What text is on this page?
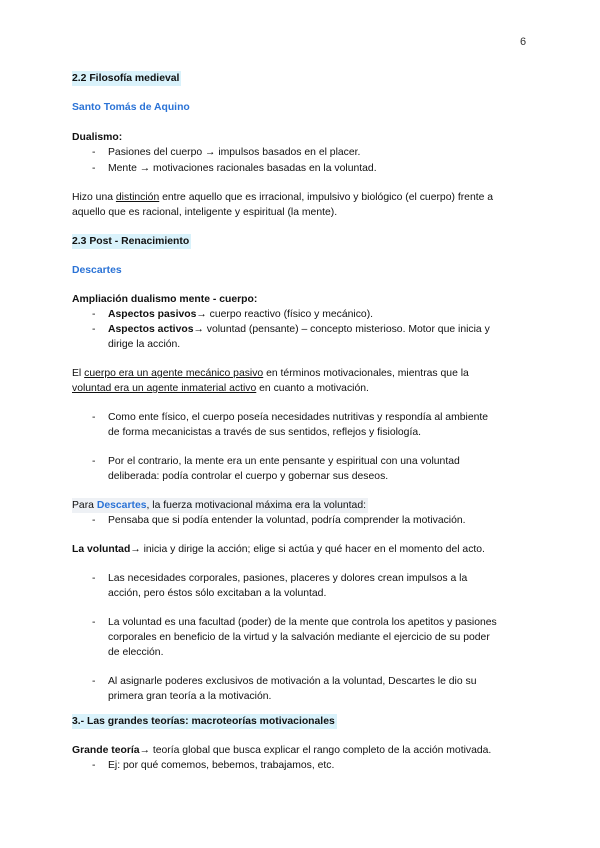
6
2.2 Filosofía medieval
Santo Tomás de Aquino
Dualismo:
- Pasiones del cuerpo → impulsos basados en el placer.
- Mente → motivaciones racionales basadas en la voluntad.
Hizo una distinción entre aquello que es irracional, impulsivo y biológico (el cuerpo) frente a
aquello que es racional, inteligente y espiritual (la mente).
2.3 Post - Renacimiento
Descartes
Ampliación dualismo mente - cuerpo:
- Aspectos pasivos→ cuerpo reactivo (físico y mecánico).
- Aspectos activos→ voluntad (pensante) – concepto misterioso. Motor que inicia y
dirige la acción.
El cuerpo era un agente mecánico pasivo en términos motivacionales, mientras que la
voluntad era un agente inmaterial activo en cuanto a motivación.
- Como ente físico, el cuerpo poseía necesidades nutritivas y respondía al ambiente
de forma mecanicistas a través de sus sentidos, reflejos y fisiología.
- Por el contrario, la mente era un ente pensante y espiritual con una voluntad
deliberada: podía controlar el cuerpo y gobernar sus deseos.
Para Descartes, la fuerza motivacional máxima era la voluntad:
- Pensaba que si podía entender la voluntad, podría comprender la motivación.
La voluntad→ inicia y dirige la acción; elige si actúa y qué hacer en el momento del acto.
- Las necesidades corporales, pasiones, placeres y dolores crean impulsos a la
acción, pero éstos sólo excitaban a la voluntad.
- La voluntad es una facultad (poder) de la mente que controla los apetitos y pasiones
corporales en beneficio de la virtud y la salvación mediante el ejercicio de su poder
de elección.
- Al asignarle poderes exclusivos de motivación a la voluntad, Descartes le dio su
primera gran teoría a la motivación.
3.- Las grandes teorías: macroteorías motivacionales
Grande teoría→ teoría global que busca explicar el rango completo de la acción motivada.
- Ej: por qué comemos, bebemos, trabajamos, etc.
